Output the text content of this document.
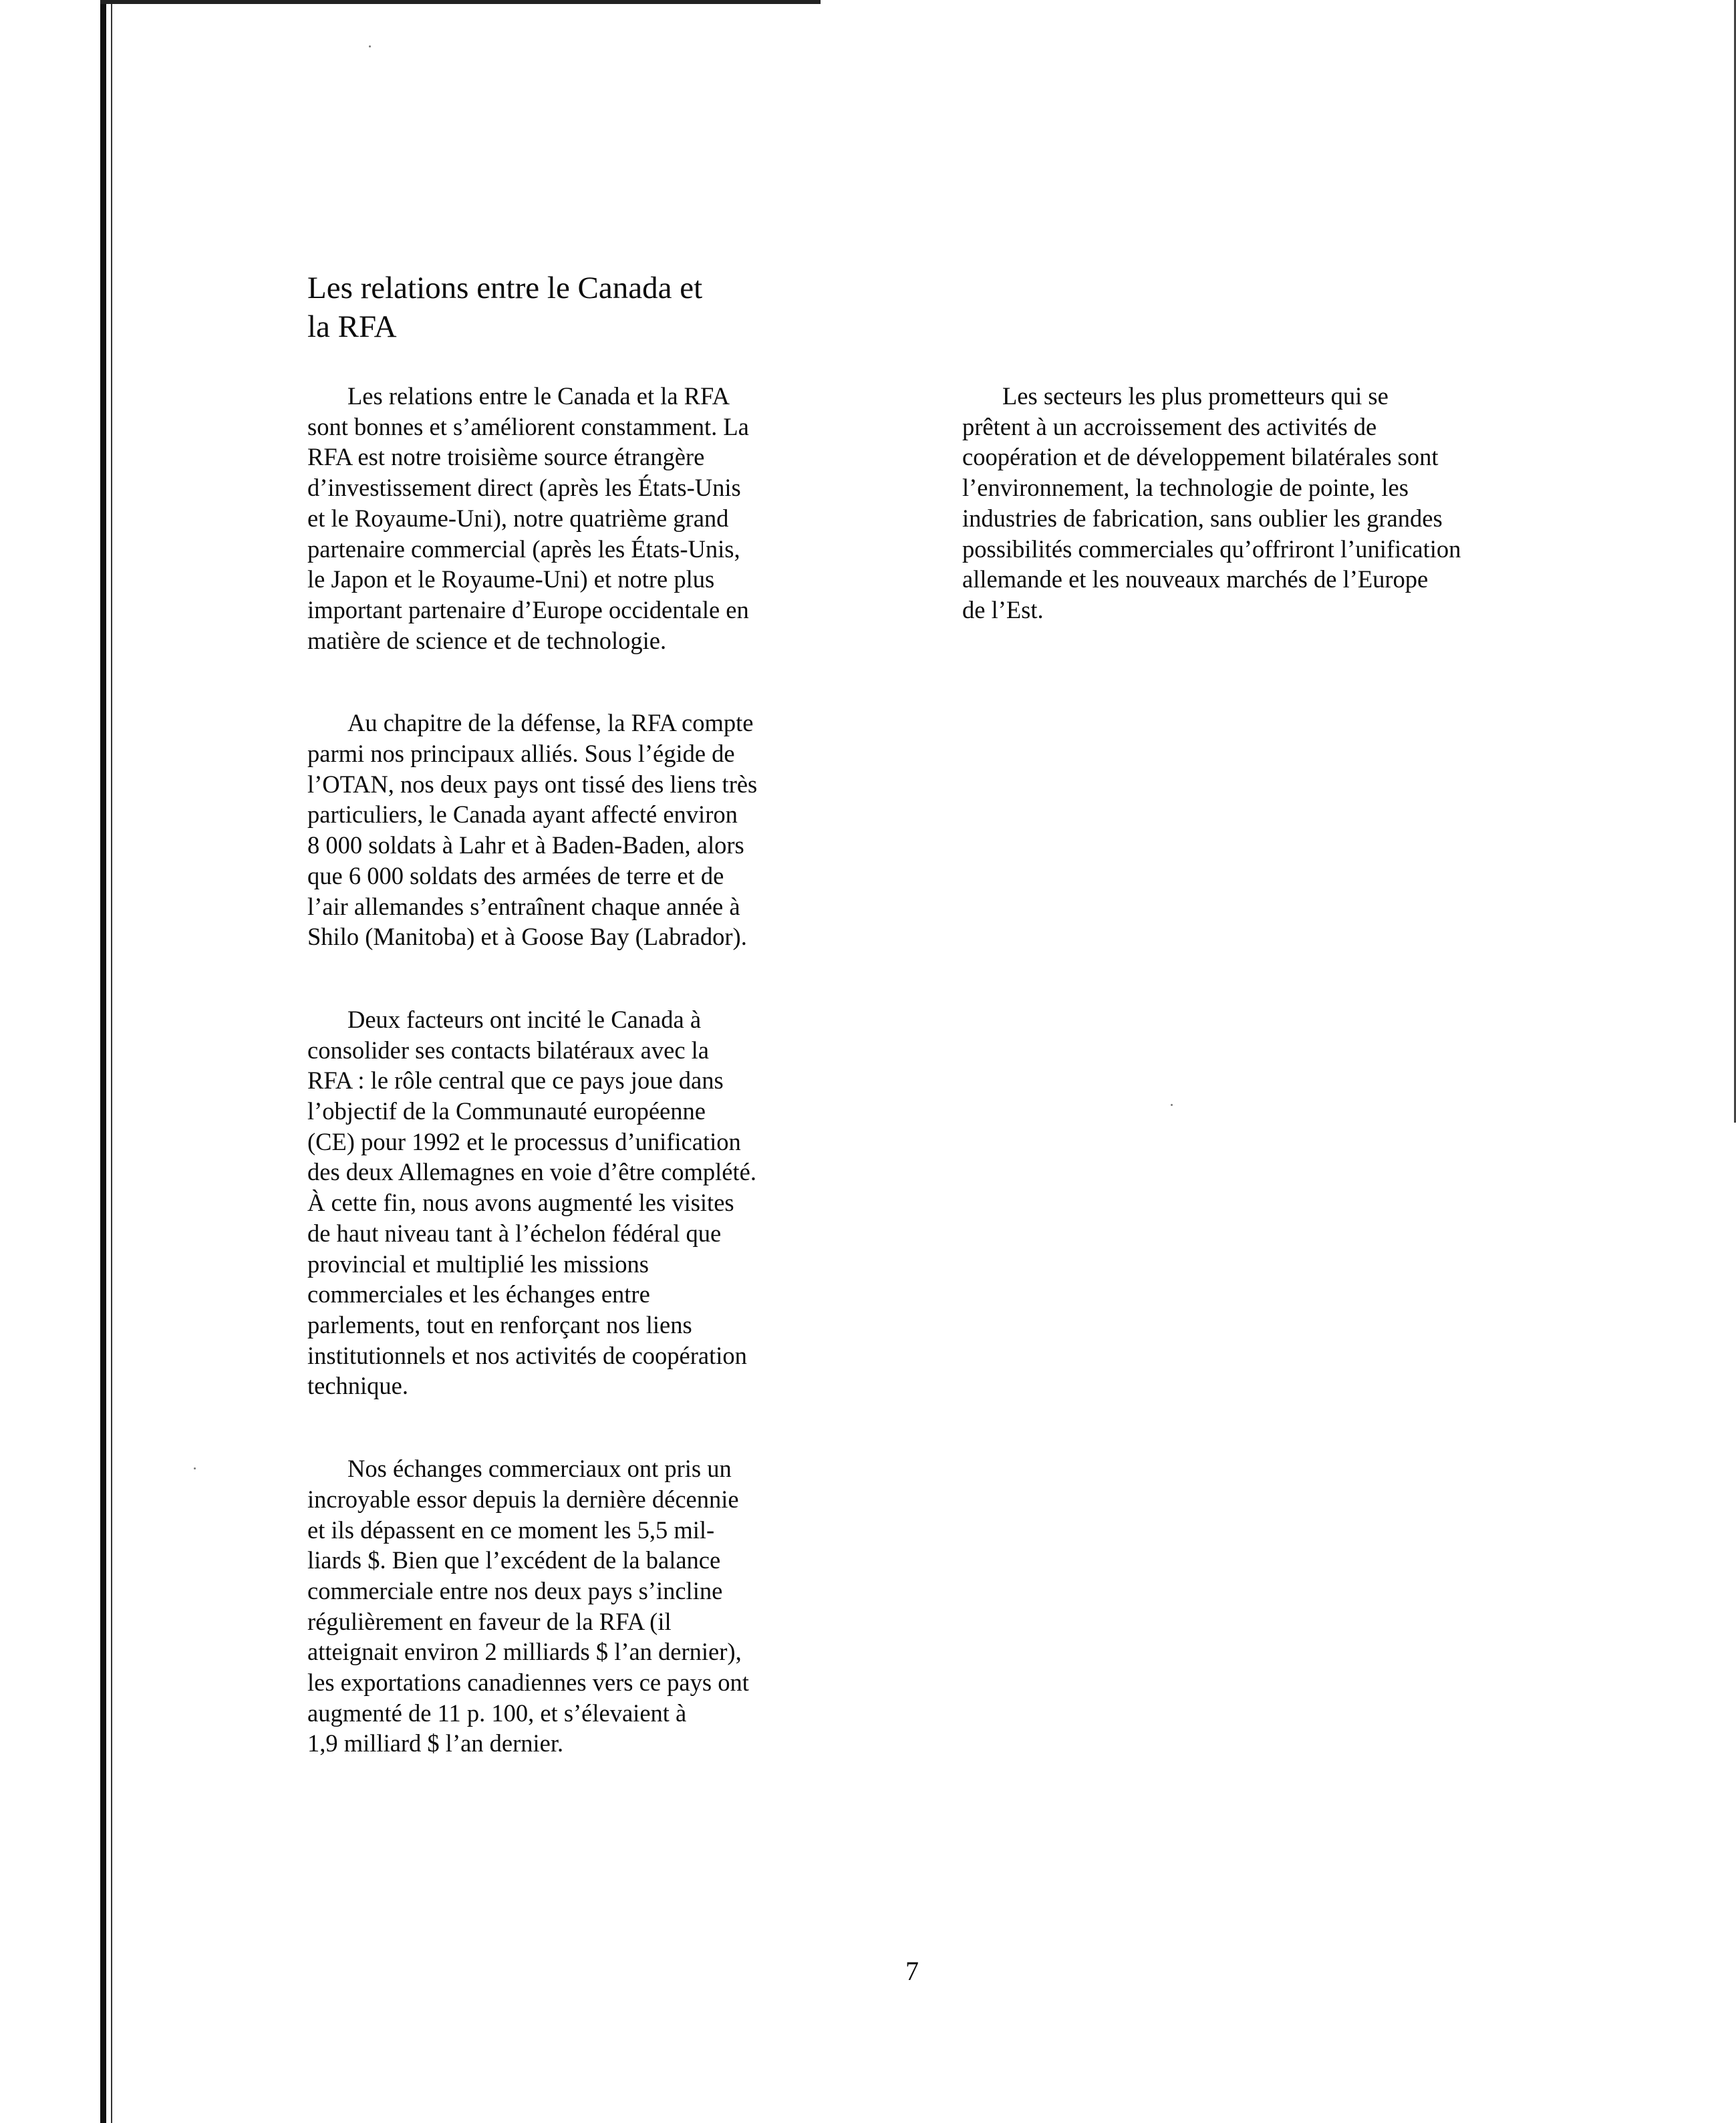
Les relations entre le Canada et
la RFA

Les relations entre le Canada et la RFA
sont bonnes et s’améliorent constamment. La
RFA est notre troisième source étrangère
d’investissement direct (après les États-Unis
et le Royaume-Uni), notre quatrième grand
partenaire commercial (après les États-Unis,
le Japon et le Royaume-Uni) et notre plus
important partenaire d’Europe occidentale en
matière de science et de technologie.

Au chapitre de la défense, la RFA compte
parmi nos principaux alliés. Sous l’égide de
l’OTAN, nos deux pays ont tissé des liens très
particuliers, le Canada ayant affecté environ
8 000 soldats à Lahr et à Baden-Baden, alors
que 6 000 soldats des armées de terre et de
l’air allemandes s’entraînent chaque année à
Shilo (Manitoba) et à Goose Bay (Labrador).

Deux facteurs ont incité le Canada à
consolider ses contacts bilatéraux avec la
RFA : le rôle central que ce pays joue dans
l’objectif de la Communauté européenne
(CE) pour 1992 et le processus d’unification
des deux Allemagnes en voie d’être complété.
À cette fin, nous avons augmenté les visites
de haut niveau tant à l’échelon fédéral que
provincial et multiplié les missions
commerciales et les échanges entre
parlements, tout en renforçant nos liens
institutionnels et nos activités de coopération
technique.

Nos échanges commerciaux ont pris un
incroyable essor depuis la dernière décennie
et ils dépassent en ce moment les 5,5 mil-
liards $. Bien que l’excédent de la balance
commerciale entre nos deux pays s’incline
régulièrement en faveur de la RFA (il
atteignait environ 2 milliards $ l’an dernier),
les exportations canadiennes vers ce pays ont
augmenté de 11 p. 100, et s’élevaient à
1,9 milliard $ l’an dernier.

Les secteurs les plus prometteurs qui se
prêtent à un accroissement des activités de
coopération et de développement bilatérales sont
l’environnement, la technologie de pointe, les
industries de fabrication, sans oublier les grandes
possibilités commerciales qu’offriront l’unification
allemande et les nouveaux marchés de l’Europe
de l’Est.

7
